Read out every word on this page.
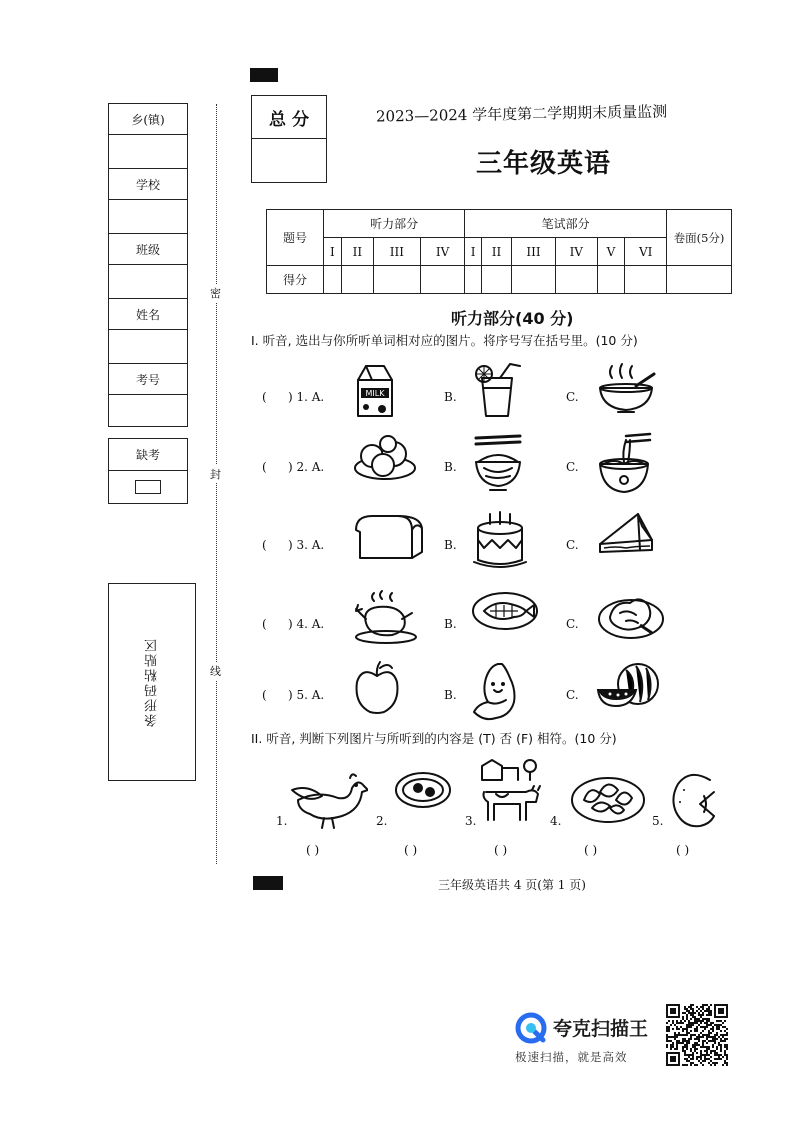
乡(镇)
学校
班级
姓名
考号
缺考
条形码粘贴区
密
封
线
总 分	2023—2024 学年度第二学期期末质量监测
三年级英语
题号	听力部分				笔试部分						卷面(5分)
	I	II	III	IV	I	II	III	IV	V	VI	
得分											
听力部分(40 分)
I. 听音, 选出与你所听单词相对应的图片。将序号写在括号里。(10 分)
( ) 1. A.	B.	C.
MILK
( ) 2. A.	B.	C.
( ) 3. A.	B.	C.
( ) 4. A.	B.	C.
( ) 5. A.	B.	C.
II. 听音, 判断下列图片与所听到的内容是 (T) 否 (F) 相符。(10 分)
1.
( )
2.
( )
3.
( )
4.
( )
5.
( )
三年级英语共 4 页(第 1 页)
夸克扫描王
极速扫描，就是高效
